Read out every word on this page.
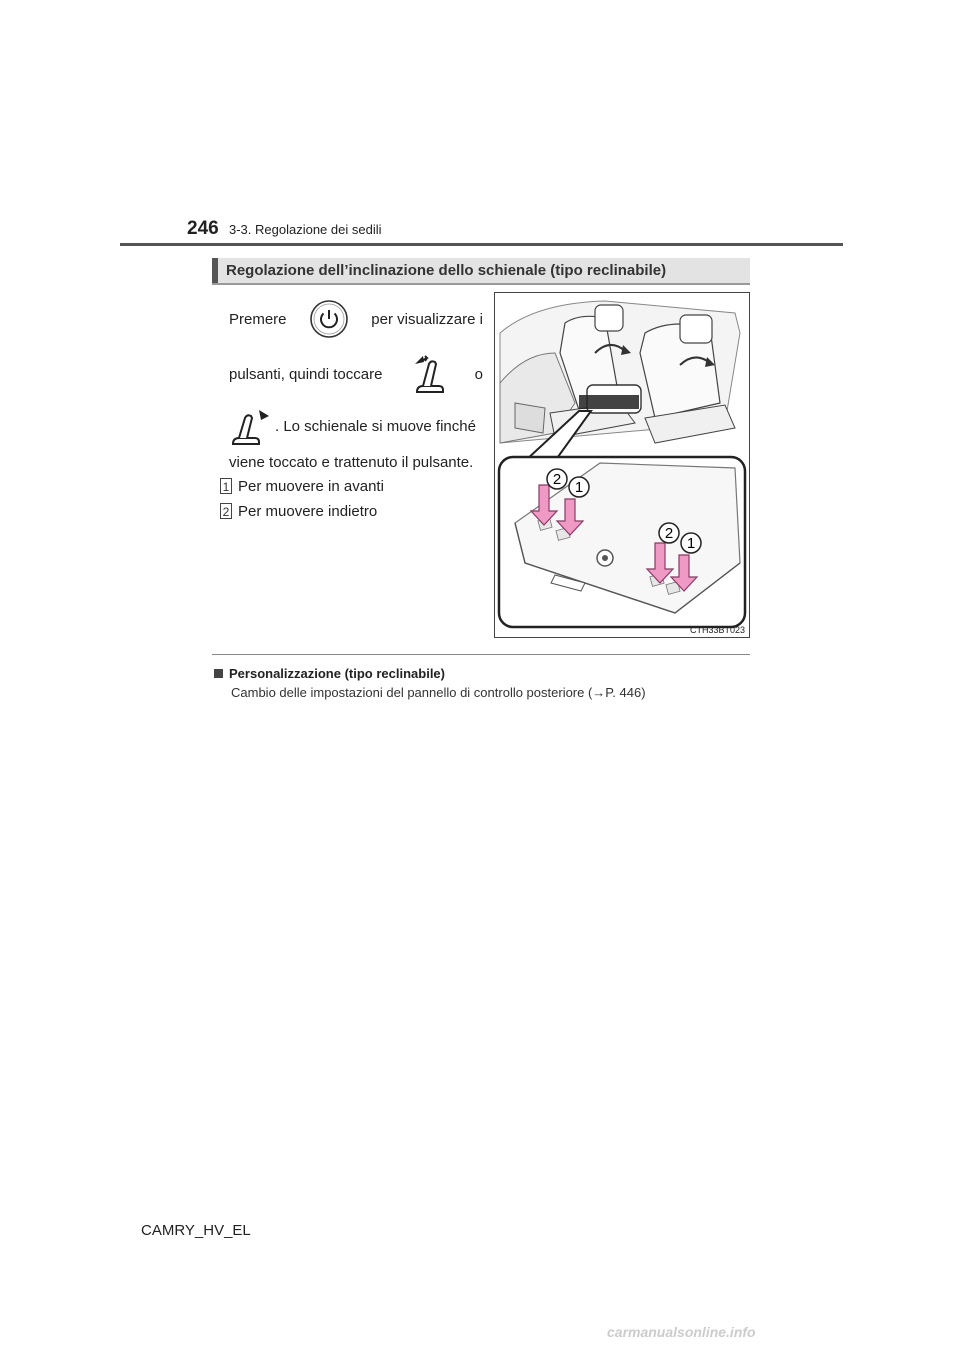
246 3-3. Regolazione dei sedili
Regolazione dell’inclinazione dello schienale (tipo reclinabile)
Premere	per visualizzare i
pulsanti, quindi toccare	o
. Lo schienale si muove finché
viene toccato e trattenuto il pulsante.
1 Per muovere in avanti
2 Per muovere indietro
2 1
2
1
CTH33BT023
Personalizzazione (tipo reclinabile)
Cambio delle impostazioni del pannello di controllo posteriore (→P. 446)
CAMRY_HV_EL
carmanualsonline.info
